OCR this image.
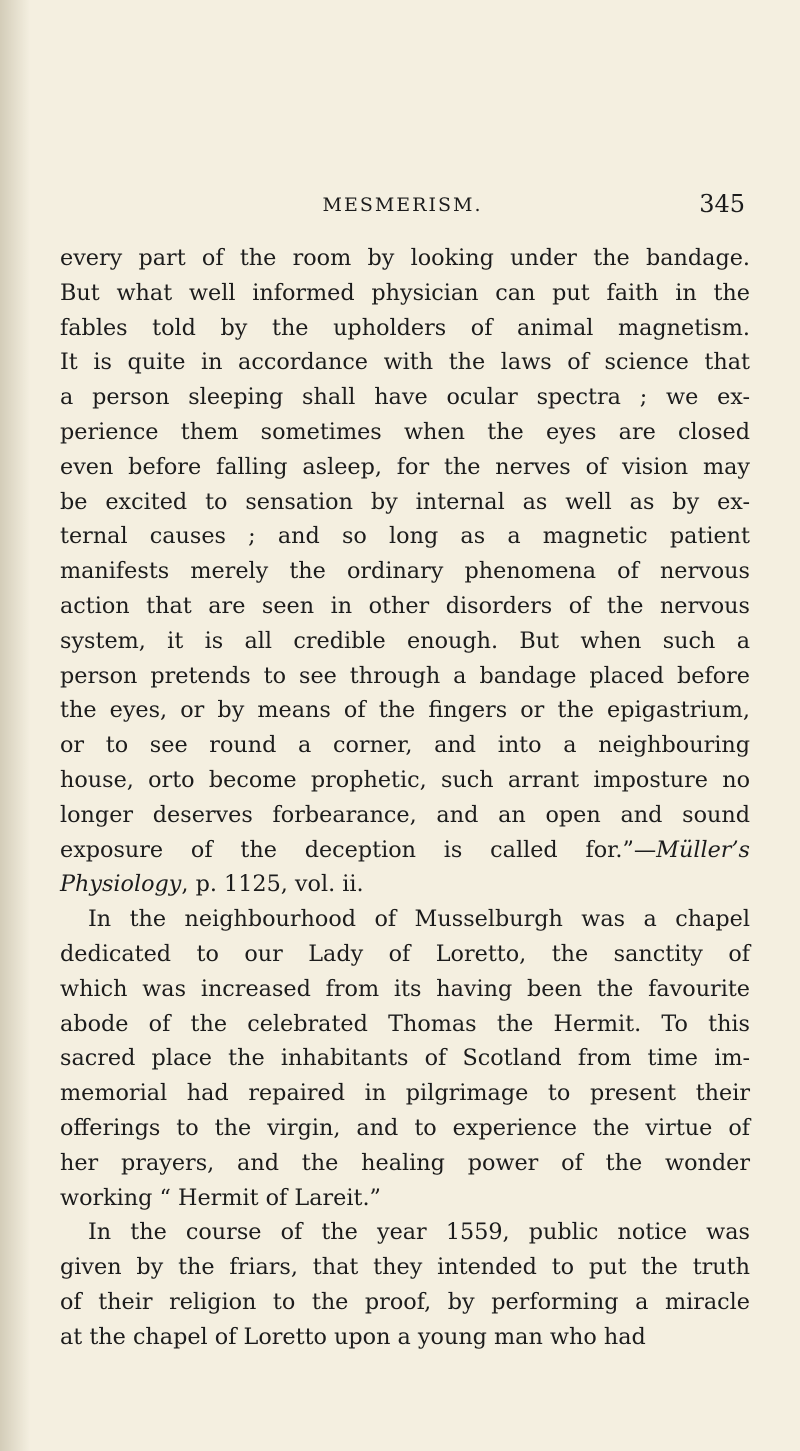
MESMERISM.	345
every part of the room by looking under the bandage.
But what well informed physician can put faith in the
fables told by the upholders of animal magnetism.
It is quite in accordance with the laws of science that
a person sleeping shall have ocular spectra ; we ex-
perience them sometimes when the eyes are closed
even before falling asleep, for the nerves of vision may
be excited to sensation by internal as well as by ex-
ternal causes ; and so long as a magnetic patient
manifests merely the ordinary phenomena of nervous
action that are seen in other disorders of the nervous
system, it is all credible enough. But when such a
person pretends to see through a bandage placed before
the eyes, or by means of the fingers or the epigastrium,
or to see round a corner, and into a neighbouring
house, orto become prophetic, such arrant imposture no
longer deserves forbearance, and an open and sound
exposure of the deception is called for.”—Müller’s
Physiology, p. 1125, vol. ii.
In the neighbourhood of Musselburgh was a chapel
dedicated to our Lady of Loretto, the sanctity of
which was increased from its having been the favourite
abode of the celebrated Thomas the Hermit. To this
sacred place the inhabitants of Scotland from time im-
memorial had repaired in pilgrimage to present their
offerings to the virgin, and to experience the virtue of
her prayers, and the healing power of the wonder
working “ Hermit of Lareit.”
In the course of the year 1559, public notice was
given by the friars, that they intended to put the truth
of their religion to the proof, by performing a miracle
at the chapel of Loretto upon a young man who had
